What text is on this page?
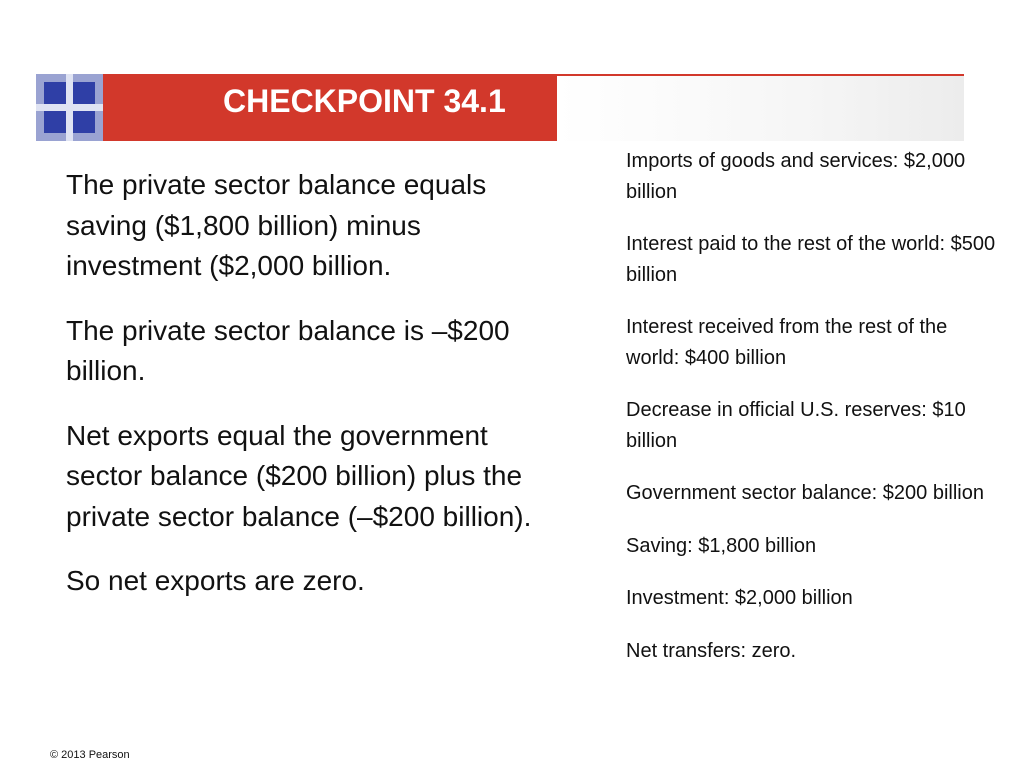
CHECKPOINT 34.1

The private sector balance equals saving ($1,800 billion) minus investment ($2,000 billion.

The private sector balance is –$200 billion.

Net exports equal the government sector balance ($200 billion) plus the private sector balance (–$200 billion).

So net exports are zero.

Imports of goods and services: $2,000 billion

Interest paid to the rest of the world: $500 billion

Interest received from the rest of the world: $400 billion

Decrease in official U.S. reserves: $10 billion

Government sector balance: $200 billion

Saving: $1,800 billion

Investment: $2,000 billion

Net transfers: zero.

© 2013 Pearson
